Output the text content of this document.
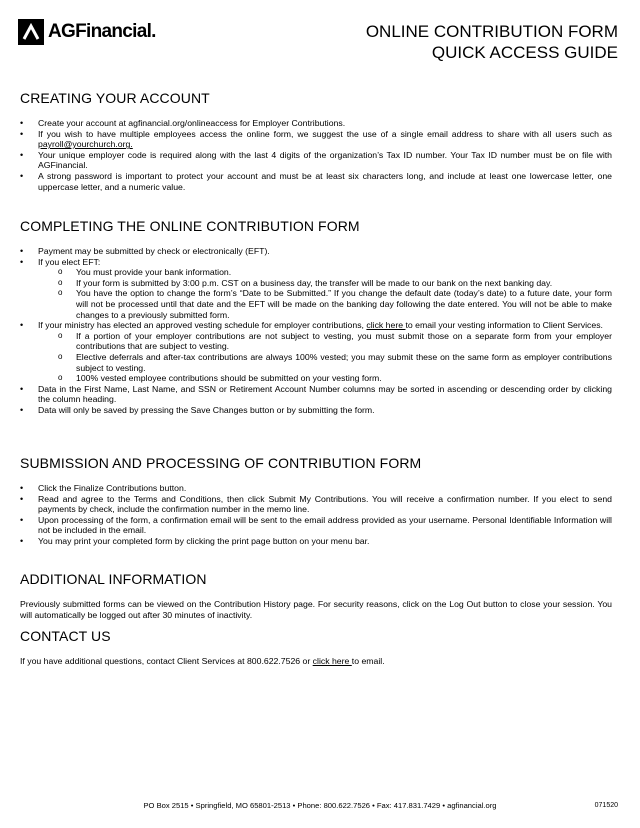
AGFinancial.	ONLINE CONTRIBUTION FORM
QUICK ACCESS GUIDE
CREATING YOUR ACCOUNT
• Create your account at agfinancial.org/onlineaccess for Employer Contributions.
• If you wish to have multiple employees access the online form, we suggest the use of a single email address to share with all users such as payroll@yourchurch.org.
• Your unique employer code is required along with the last 4 digits of the organization’s Tax ID number. Your Tax ID number must be on file with AGFinancial.
• A strong password is important to protect your account and must be at least six characters long, and include at least one lowercase letter, one uppercase letter, and a numeric value.
COMPLETING THE ONLINE CONTRIBUTION FORM
• Payment may be submitted by check or electronically (EFT).
• If you elect EFT:
o You must provide your bank information.
o If your form is submitted by 3:00 p.m. CST on a business day, the transfer will be made to our bank on the next banking day.
o You have the option to change the form’s “Date to be Submitted.” If you change the default date (today’s date) to a future date, your form will not be processed until that date and the EFT will be made on the banking day following the date entered. You will not be able to make changes to a previously submitted form.
• If your ministry has elected an approved vesting schedule for employer contributions, click here to email your vesting information to Client Services.
o If a portion of your employer contributions are not subject to vesting, you must submit those on a separate form from your employer contributions that are subject to vesting.
o Elective deferrals and after-tax contributions are always 100% vested; you may submit these on the same form as employer contributions subject to vesting.
o 100% vested employee contributions should be submitted on your vesting form.
• Data in the First Name, Last Name, and SSN or Retirement Account Number columns may be sorted in ascending or descending order by clicking the column heading.
• Data will only be saved by pressing the Save Changes button or by submitting the form.
SUBMISSION AND PROCESSING OF CONTRIBUTION FORM
• Click the Finalize Contributions button.
• Read and agree to the Terms and Conditions, then click Submit My Contributions. You will receive a confirmation number. If you elect to send payments by check, include the confirmation number in the memo line.
• Upon processing of the form, a confirmation email will be sent to the email address provided as your username. Personal Identifiable Information will not be included in the email.
• You may print your completed form by clicking the print page button on your menu bar.
ADDITIONAL INFORMATION

Previously submitted forms can be viewed on the Contribution History page. For security reasons, click on the Log Out button to close your session. You will automatically be logged out after 30 minutes of inactivity.

CONTACT US

If you have additional questions, contact Client Services at 800.622.7526 or click here to email.

PO Box 2515 • Springfield, MO 65801-2513 • Phone: 800.622.7526 • Fax: 417.831.7429 • agfinancial.org	071520
